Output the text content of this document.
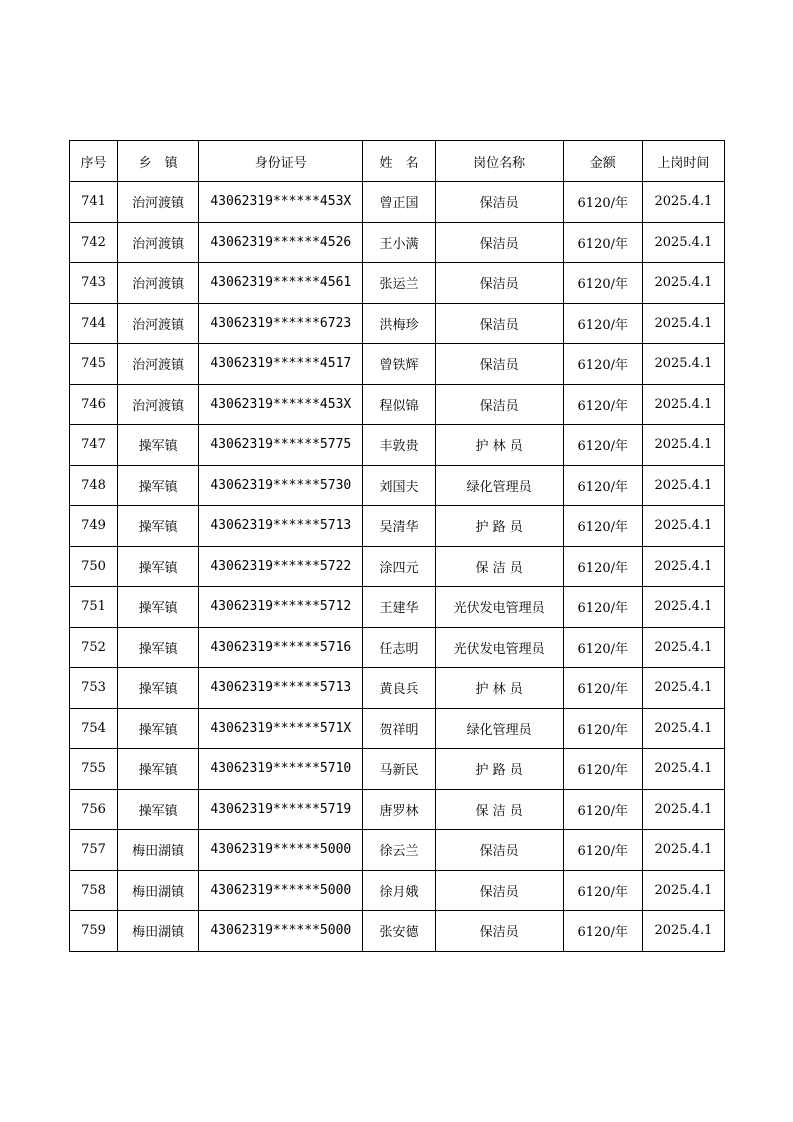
序号	乡　镇	身份证号	姓　名	岗位名称	金额	上岗时间
741	治河渡镇	43062319******453X	曾正国	保洁员	6120/年	2025.4.1
742	治河渡镇	43062319******4526	王小满	保洁员	6120/年	2025.4.1
743	治河渡镇	43062319******4561	张运兰	保洁员	6120/年	2025.4.1
744	治河渡镇	43062319******6723	洪梅珍	保洁员	6120/年	2025.4.1
745	治河渡镇	43062319******4517	曾铁辉	保洁员	6120/年	2025.4.1
746	治河渡镇	43062319******453X	程似锦	保洁员	6120/年	2025.4.1
747	操军镇	43062319******5775	丰敦贵	护 林 员	6120/年	2025.4.1
748	操军镇	43062319******5730	刘国夫	绿化管理员	6120/年	2025.4.1
749	操军镇	43062319******5713	吴清华	护 路 员	6120/年	2025.4.1
750	操军镇	43062319******5722	涂四元	保 洁 员	6120/年	2025.4.1
751	操军镇	43062319******5712	王建华	光伏发电管理员	6120/年	2025.4.1
752	操军镇	43062319******5716	任志明	光伏发电管理员	6120/年	2025.4.1
753	操军镇	43062319******5713	黄良兵	护 林 员	6120/年	2025.4.1
754	操军镇	43062319******571X	贺祥明	绿化管理员	6120/年	2025.4.1
755	操军镇	43062319******5710	马新民	护 路 员	6120/年	2025.4.1
756	操军镇	43062319******5719	唐罗林	保 洁 员	6120/年	2025.4.1
757	梅田湖镇	43062319******5000	徐云兰	保洁员	6120/年	2025.4.1
758	梅田湖镇	43062319******5000	徐月娥	保洁员	6120/年	2025.4.1
759	梅田湖镇	43062319******5000	张安德	保洁员	6120/年	2025.4.1
